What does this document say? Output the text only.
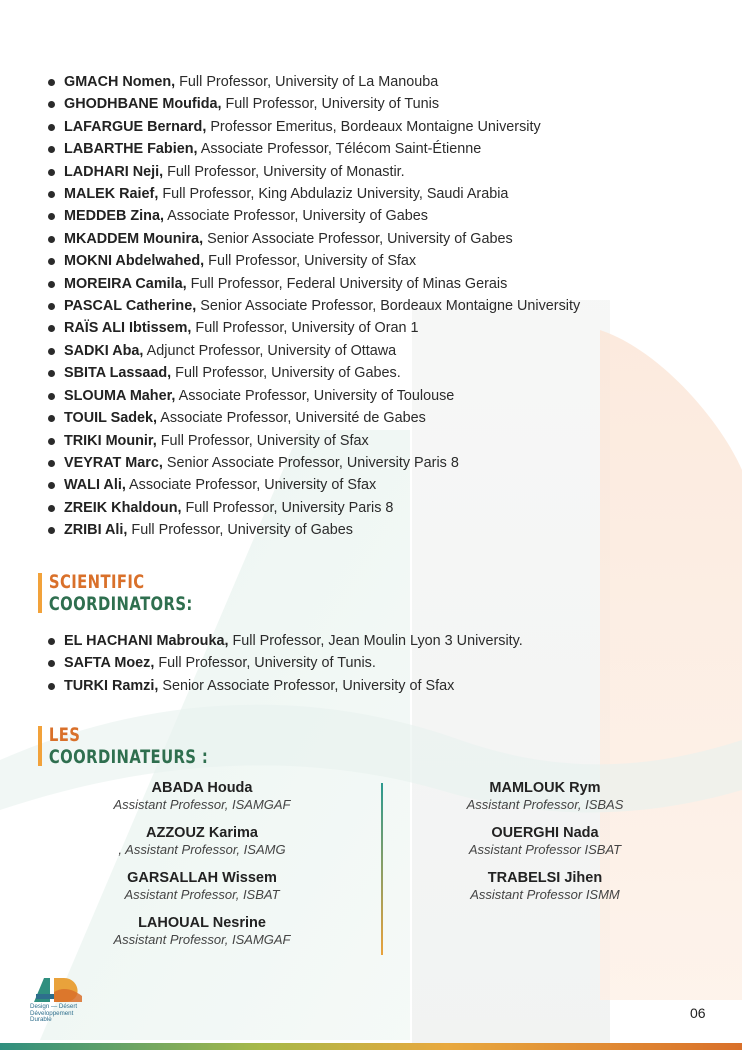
GMACH Nomen, Full Professor, University of La Manouba
GHODHBANE Moufida, Full Professor, University of Tunis
LAFARGUE Bernard, Professor Emeritus, Bordeaux Montaigne University
LABARTHE Fabien, Associate Professor, Télécom Saint-Étienne
LADHARI Neji, Full Professor, University of Monastir.
MALEK Raief, Full Professor, King Abdulaziz University, Saudi Arabia
MEDDEB Zina, Associate Professor, University of Gabes
MKADDEM Mounira, Senior Associate Professor, University of Gabes
MOKNI Abdelwahed, Full Professor, University of Sfax
MOREIRA Camila, Full Professor, Federal University of Minas Gerais
PASCAL Catherine, Senior Associate Professor, Bordeaux Montaigne University
RAÏS ALI Ibtissem, Full Professor, University of Oran 1
SADKI Aba, Adjunct Professor, University of Ottawa
SBITA Lassaad, Full Professor, University of Gabes.
SLOUMA Maher, Associate Professor, University of Toulouse
TOUIL Sadek, Associate Professor, Université de Gabes
TRIKI Mounir, Full Professor, University of Sfax
VEYRAT Marc, Senior Associate Professor, University Paris 8
WALI Ali, Associate Professor, University of Sfax
ZREIK Khaldoun, Full Professor, University Paris 8
ZRIBI Ali, Full Professor, University of Gabes
SCIENTIFIC
COORDINATORS:
EL HACHANI Mabrouka, Full Professor, Jean Moulin Lyon 3 University.
SAFTA Moez, Full Professor, University of Tunis.
TURKI Ramzi, Senior Associate Professor, University of Sfax
LES
COORDINATEURS :
ABADA Houda
Assistant Professor, ISAMGAF
AZZOUZ Karima
, Assistant Professor, ISAMG
GARSALLAH Wissem
Assistant Professor, ISBAT
LAHOUAL Nesrine
Assistant Professor, ISAMGAF
MAMLOUK Rym
Assistant Professor, ISBAS
OUERGHI Nada
Assistant Professor ISBAT
TRABELSI Jihen
Assistant Professor ISMM
Design — Désert
Développement
Durable	06
